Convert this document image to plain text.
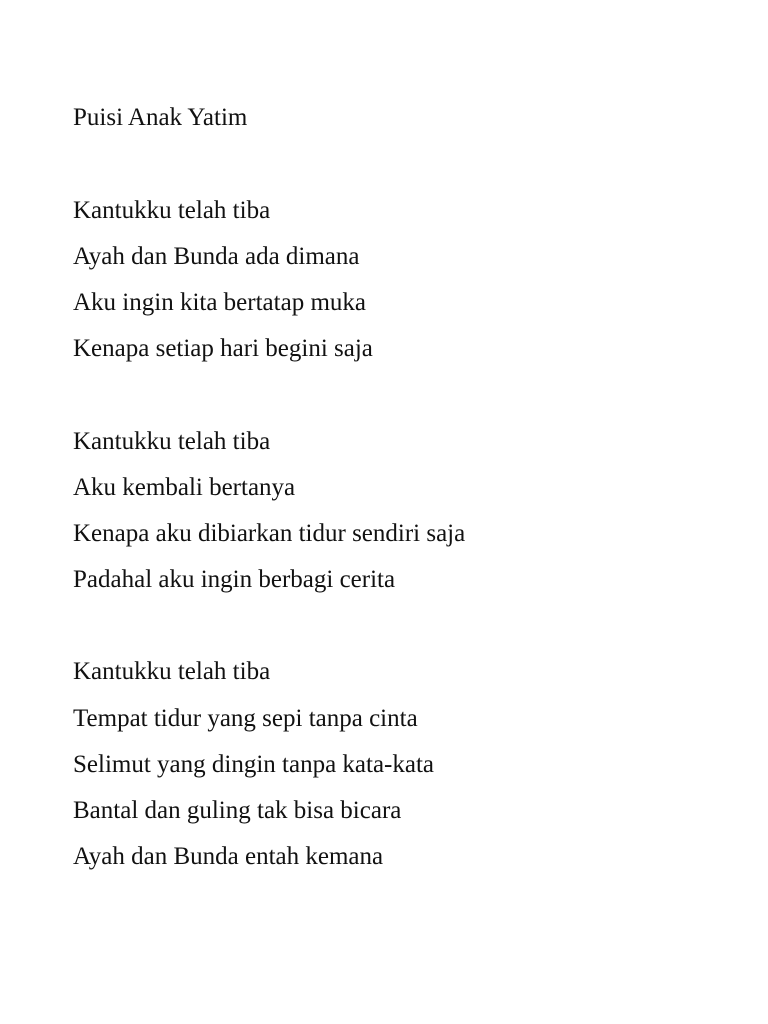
Puisi Anak Yatim

Kantukku telah tiba

Ayah dan Bunda ada dimana

Aku ingin kita bertatap muka

Kenapa setiap hari begini saja

Kantukku telah tiba

Aku kembali bertanya

Kenapa aku dibiarkan tidur sendiri saja

Padahal aku ingin berbagi cerita

Kantukku telah tiba

Tempat tidur yang sepi tanpa cinta

Selimut yang dingin tanpa kata-kata

Bantal dan guling tak bisa bicara

Ayah dan Bunda entah kemana
